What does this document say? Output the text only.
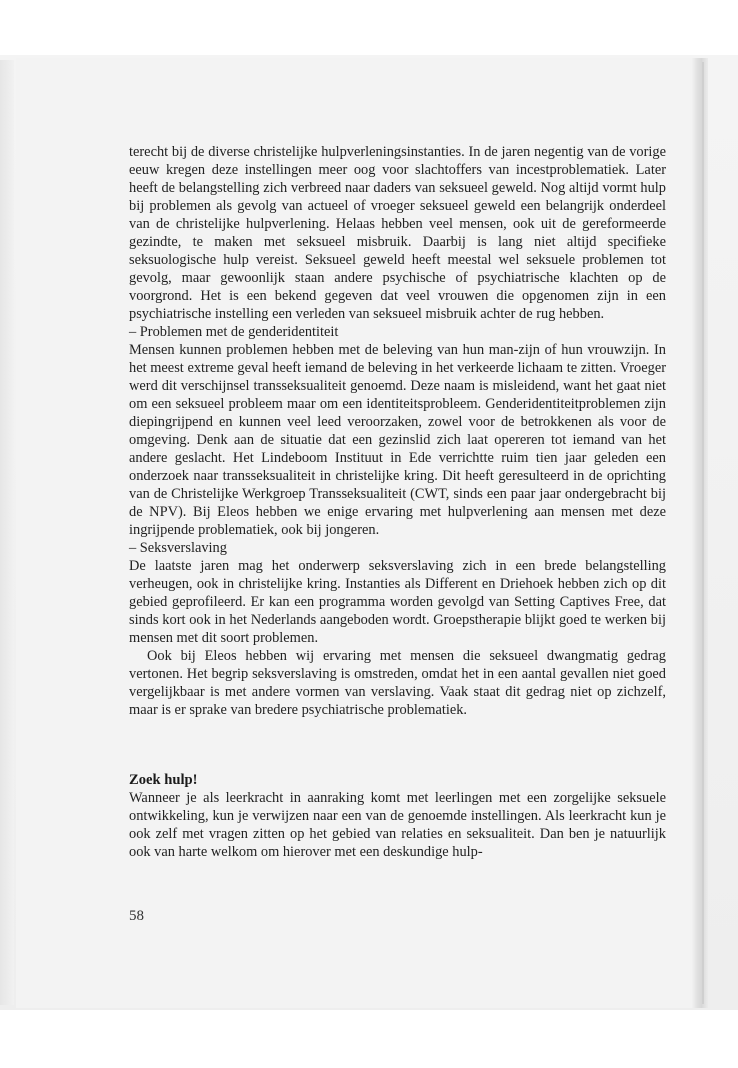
terecht bij de diverse christelijke hulpverleningsinstanties. In de jaren negentig van de vorige eeuw kregen deze instellingen meer oog voor slachtoffers van incestproblematiek. Later heeft de belangstelling zich verbreed naar daders van seksueel geweld. Nog altijd vormt hulp bij problemen als gevolg van actueel of vroeger seksueel geweld een belangrijk onderdeel van de christelijke hulpverlening. Helaas hebben veel mensen, ook uit de gereformeerde gezindte, te maken met seksueel misbruik. Daarbij is lang niet altijd specifieke seksuologische hulp vereist. Seksueel geweld heeft meestal wel seksuele problemen tot gevolg, maar gewoonlijk staan andere psychische of psychiatrische klachten op de voorgrond. Het is een bekend gegeven dat veel vrouwen die opgenomen zijn in een psychiatrische instelling een verleden van seksueel misbruik achter de rug hebben.

– Problemen met de genderidentiteit

Mensen kunnen problemen hebben met de beleving van hun man-zijn of hun vrouwzijn. In het meest extreme geval heeft iemand de beleving in het verkeerde lichaam te zitten. Vroeger werd dit verschijnsel transseksualiteit genoemd. Deze naam is misleidend, want het gaat niet om een seksueel probleem maar om een identiteitsprobleem. Genderidentiteitproblemen zijn diepingrijpend en kunnen veel leed veroorzaken, zowel voor de betrokkenen als voor de omgeving. Denk aan de situatie dat een gezinslid zich laat opereren tot iemand van het andere geslacht. Het Lindeboom Instituut in Ede verrichtte ruim tien jaar geleden een onderzoek naar transseksualiteit in christelijke kring. Dit heeft geresulteerd in de oprichting van de Christelijke Werkgroep Transseksualiteit (CWT, sinds een paar jaar ondergebracht bij de NPV). Bij Eleos hebben we enige ervaring met hulpverlening aan mensen met deze ingrijpende problematiek, ook bij jongeren.

– Seksverslaving

De laatste jaren mag het onderwerp seksverslaving zich in een brede belangstelling verheugen, ook in christelijke kring. Instanties als Different en Driehoek hebben zich op dit gebied geprofileerd. Er kan een programma worden gevolgd van Setting Captives Free, dat sinds kort ook in het Nederlands aangeboden wordt. Groepstherapie blijkt goed te werken bij mensen met dit soort problemen.

Ook bij Eleos hebben wij ervaring met mensen die seksueel dwangmatig gedrag vertonen. Het begrip seksverslaving is omstreden, omdat het in een aantal gevallen niet goed vergelijkbaar is met andere vormen van verslaving. Vaak staat dit gedrag niet op zichzelf, maar is er sprake van bredere psychiatrische problematiek.

Zoek hulp!

Wanneer je als leerkracht in aanraking komt met leerlingen met een zorgelijke seksuele ontwikkeling, kun je verwijzen naar een van de genoemde instellingen. Als leerkracht kun je ook zelf met vragen zitten op het gebied van relaties en seksualiteit. Dan ben je natuurlijk ook van harte welkom om hierover met een deskundige hulp-

58
